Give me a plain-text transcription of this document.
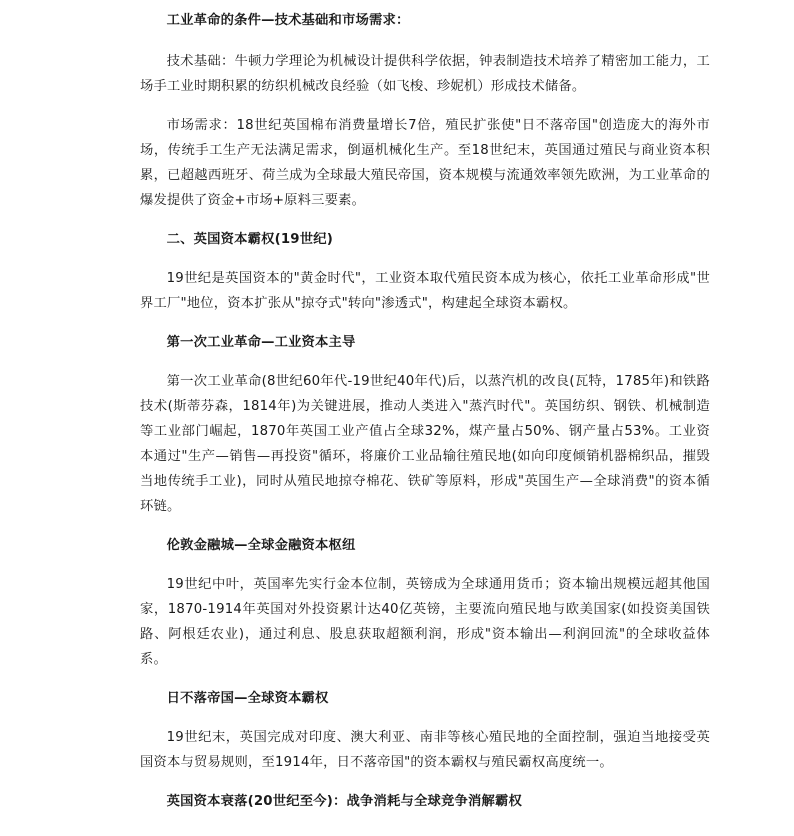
工业革命的条件—技术基础和市场需求：

技术基础：牛顿力学理论为机械设计提供科学依据，钟表制造技术培养了精密加工能力，工场手工业时期积累的纺织机械改良经验（如飞梭、珍妮机）形成技术储备。

市场需求：18世纪英国棉布消费量增长7倍，殖民扩张使"日不落帝国"创造庞大的海外市场，传统手工生产无法满足需求，倒逼机械化生产。至18世纪末，英国通过殖民与商业资本积累，已超越西班牙、荷兰成为全球最大殖民帝国，资本规模与流通效率领先欧洲，为工业革命的爆发提供了资金+市场+原料三要素。

二、英国资本霸权(19世纪)

19世纪是英国资本的"黄金时代"，工业资本取代殖民资本成为核心，依托工业革命形成"世界工厂"地位，资本扩张从"掠夺式"转向"渗透式"，构建起全球资本霸权。

第一次工业革命—工业资本主导

第一次工业革命(8世纪60年代-19世纪40年代)后，以蒸汽机的改良(瓦特，1785年)和铁路技术(斯蒂芬森，1814年)为关键进展，推动人类进入"蒸汽时代"。英国纺织、钢铁、机械制造等工业部门崛起，1870年英国工业产值占全球32%，煤产量占50%、钢产量占53%。工业资本通过"生产—销售—再投资"循环，将廉价工业品输往殖民地(如向印度倾销机器棉织品，摧毁当地传统手工业)，同时从殖民地掠夺棉花、铁矿等原料，形成"英国生产—全球消费"的资本循环链。

伦敦金融城—全球金融资本枢纽

19世纪中叶，英国率先实行金本位制，英镑成为全球通用货币；资本输出规模远超其他国家，1870-1914年英国对外投资累计达40亿英镑，主要流向殖民地与欧美国家(如投资美国铁路、阿根廷农业)，通过利息、股息获取超额利润，形成"资本输出—利润回流"的全球收益体系。

日不落帝国—全球资本霸权

19世纪末，英国完成对印度、澳大利亚、南非等核心殖民地的全面控制，强迫当地接受英国资本与贸易规则，至1914年，日不落帝国"的资本霸权与殖民霸权高度统一。

英国资本衰落(20世纪至今)：战争消耗与全球竞争消解霸权
